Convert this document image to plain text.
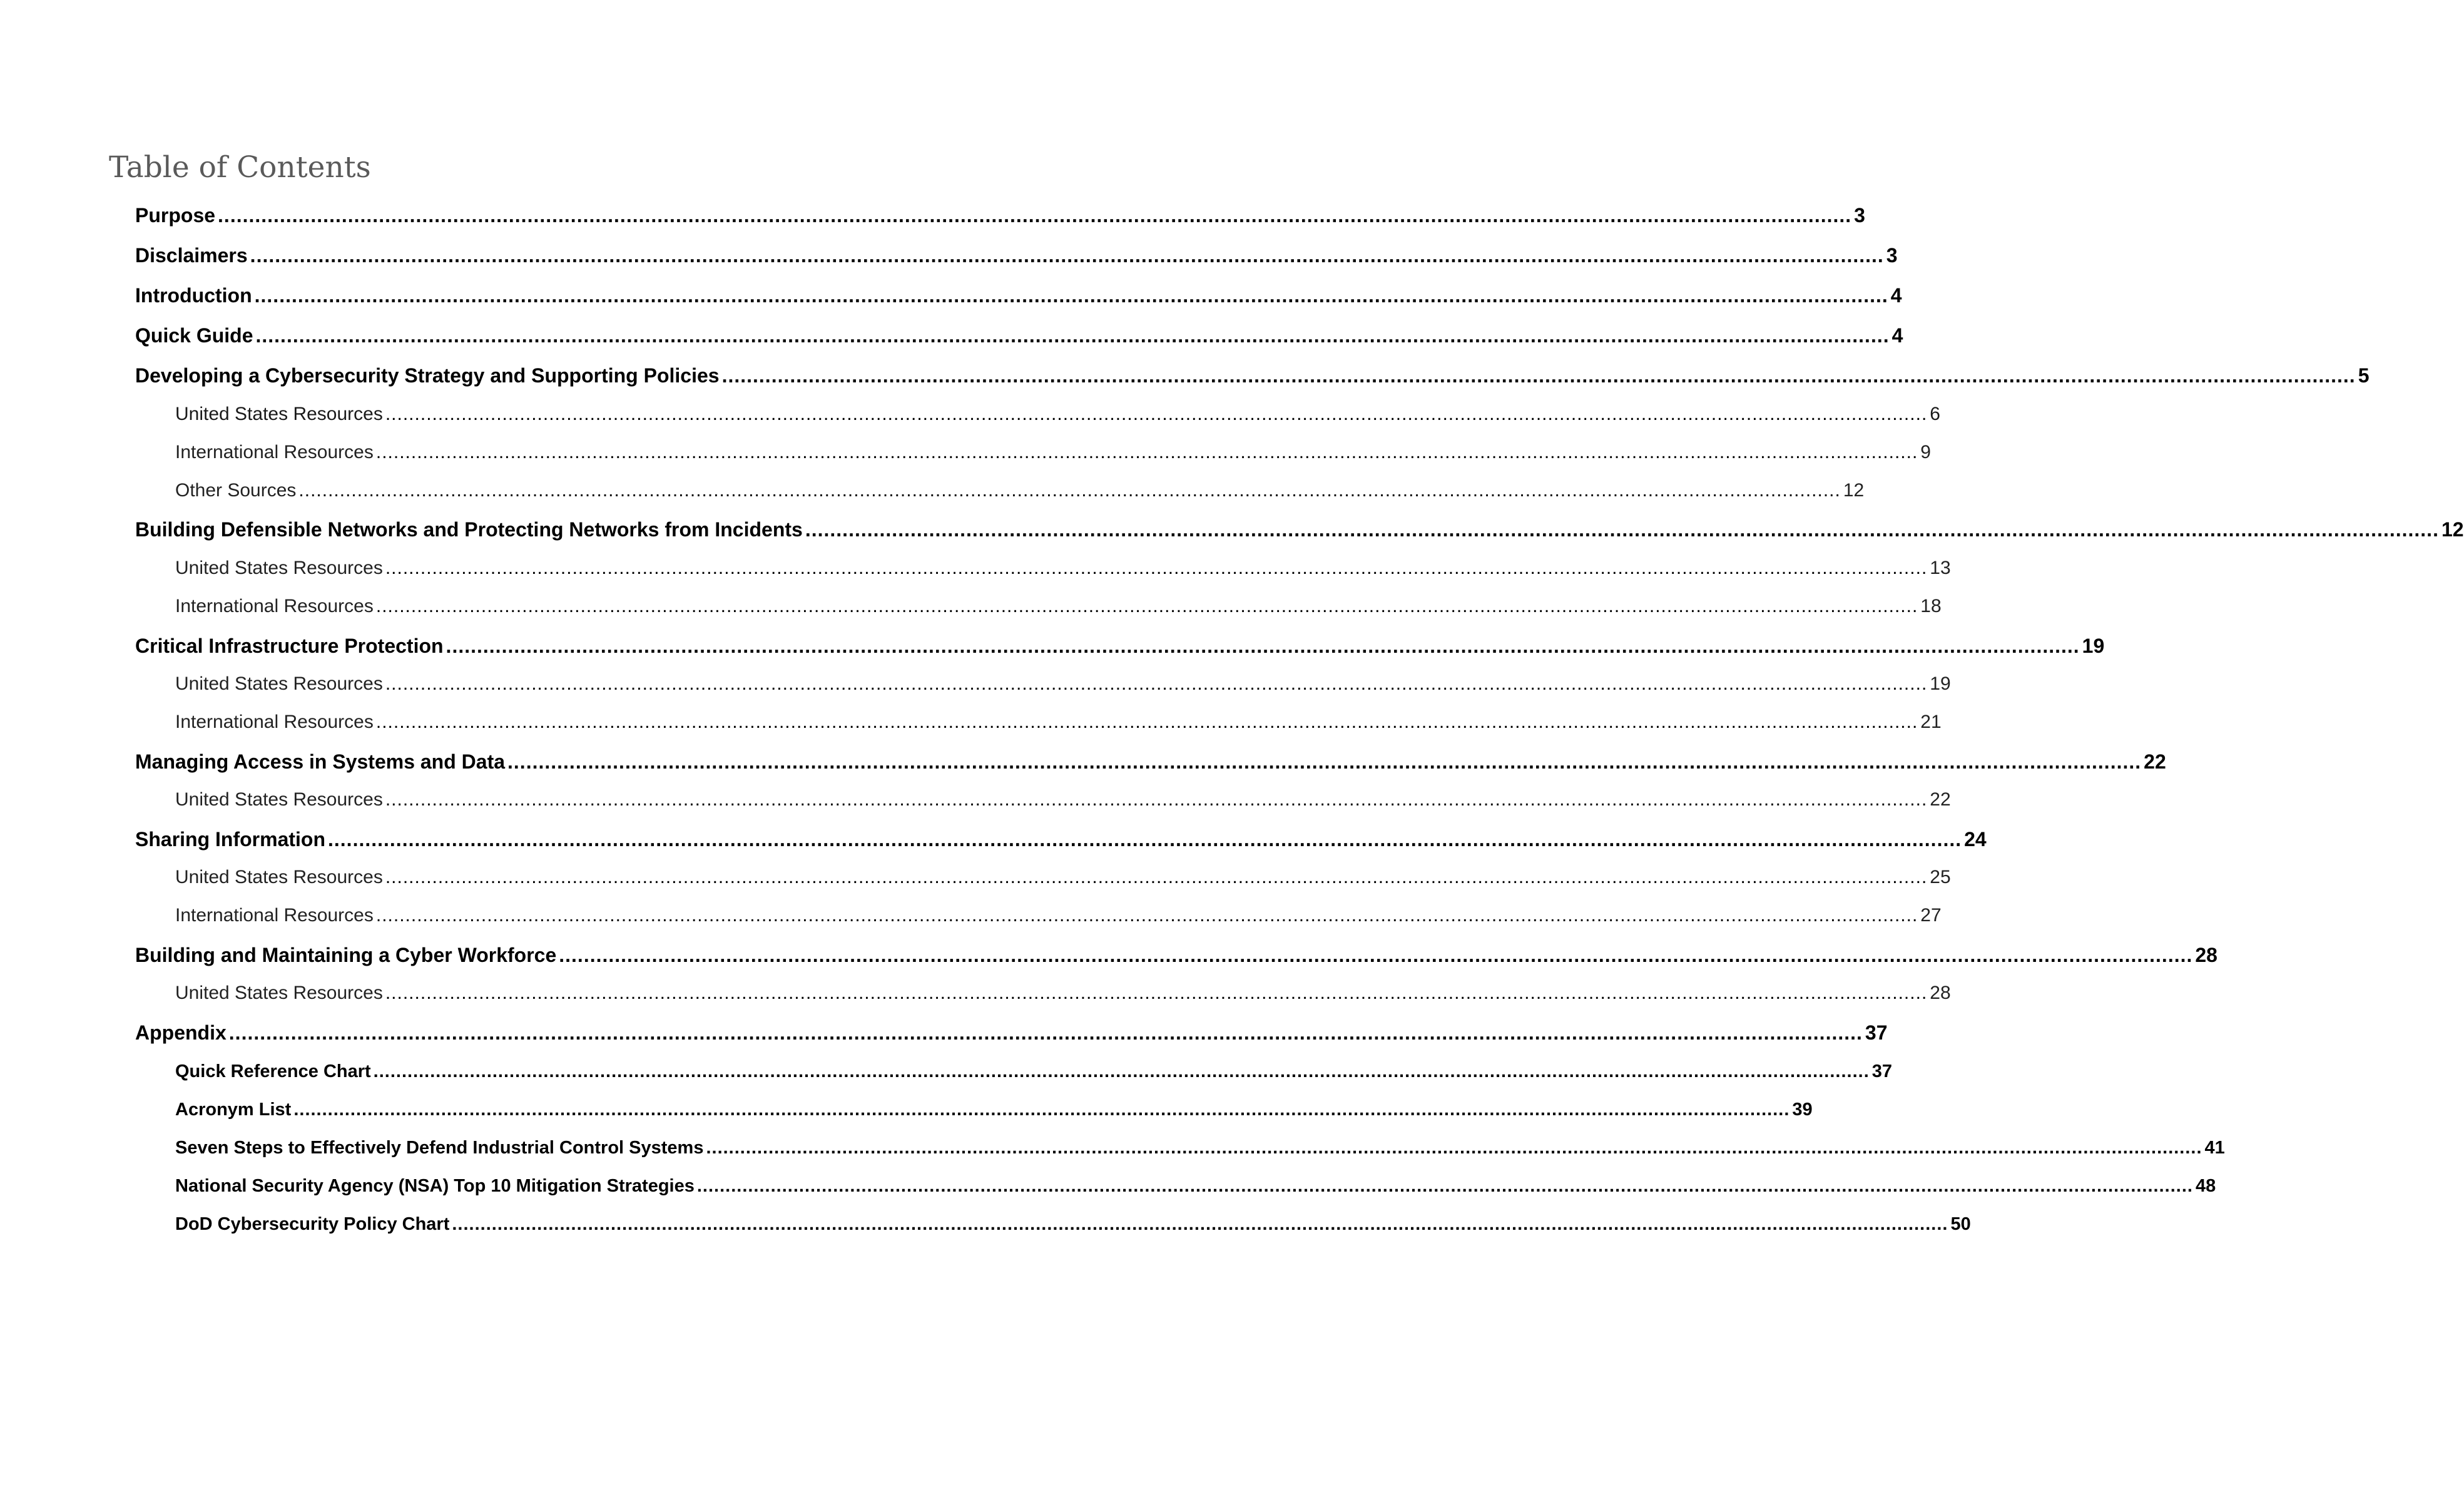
Table of Contents
Purpose ........................................................................................................................................................................................................................................................................ 3
Disclaimers ........................................................................................................................................................................................................................................................................ 3
Introduction ........................................................................................................................................................................................................................................................................ 4
Quick Guide ........................................................................................................................................................................................................................................................................ 4
Developing a Cybersecurity Strategy and Supporting Policies ........................................................................................................................................................................................................................................................................ 5
United States Resources ........................................................................................................................................................................................................................................................................ 6
International Resources ........................................................................................................................................................................................................................................................................ 9
Other Sources ........................................................................................................................................................................................................................................................................ 12
Building Defensible Networks and Protecting Networks from Incidents ........................................................................................................................................................................................................................................................................ 12
United States Resources ........................................................................................................................................................................................................................................................................ 13
International Resources ........................................................................................................................................................................................................................................................................ 18
Critical Infrastructure Protection ........................................................................................................................................................................................................................................................................ 19
United States Resources ........................................................................................................................................................................................................................................................................ 19
International Resources ........................................................................................................................................................................................................................................................................ 21
Managing Access in Systems and Data ........................................................................................................................................................................................................................................................................ 22
United States Resources ........................................................................................................................................................................................................................................................................ 22
Sharing Information ........................................................................................................................................................................................................................................................................ 24
United States Resources ........................................................................................................................................................................................................................................................................ 25
International Resources ........................................................................................................................................................................................................................................................................ 27
Building and Maintaining a Cyber Workforce ........................................................................................................................................................................................................................................................................ 28
United States Resources ........................................................................................................................................................................................................................................................................ 28
Appendix ........................................................................................................................................................................................................................................................................ 37
Quick Reference Chart ........................................................................................................................................................................................................................................................................ 37
Acronym List ........................................................................................................................................................................................................................................................................ 39
Seven Steps to Effectively Defend Industrial Control Systems ........................................................................................................................................................................................................................................................................ 41
National Security Agency (NSA) Top 10 Mitigation Strategies ........................................................................................................................................................................................................................................................................ 48
DoD Cybersecurity Policy Chart ........................................................................................................................................................................................................................................................................ 50
